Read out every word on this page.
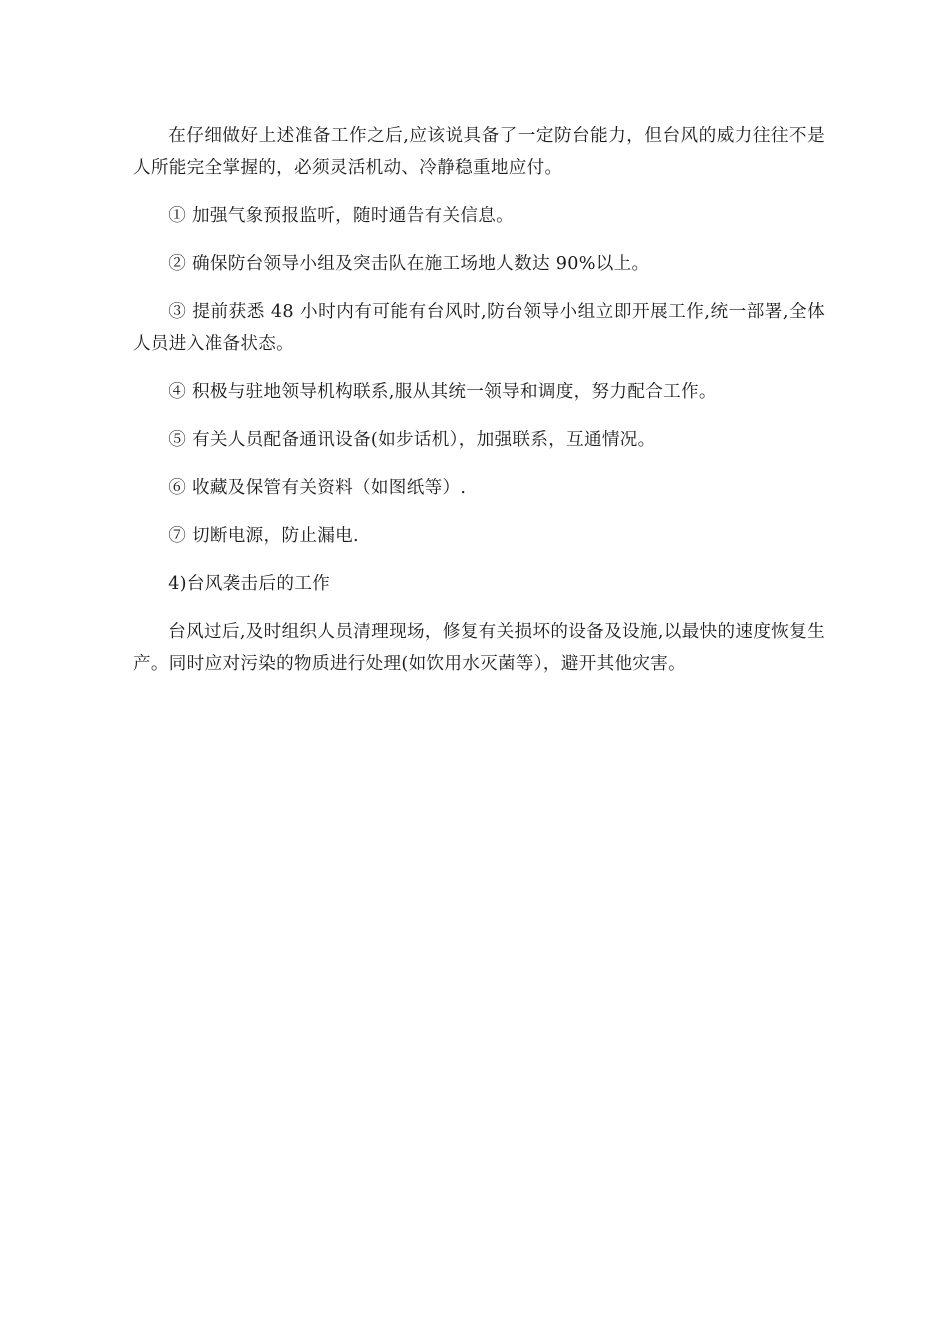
在仔细做好上述准备工作之后,应该说具备了一定防台能力，但台风的威力往往不是人所能完全掌握的，必须灵活机动、冷静稳重地应付。

① 加强气象预报监听，随时通告有关信息。

② 确保防台领导小组及突击队在施工场地人数达 90%以上。

③ 提前获悉 48 小时内有可能有台风时,防台领导小组立即开展工作,统一部署,全体人员进入准备状态。

④ 积极与驻地领导机构联系,服从其统一领导和调度，努力配合工作。

⑤ 有关人员配备通讯设备(如步话机），加强联系，互通情况。

⑥ 收藏及保管有关资料（如图纸等）.

⑦ 切断电源，防止漏电.

4)台风袭击后的工作

台风过后,及时组织人员清理现场，修复有关损坏的设备及设施,以最快的速度恢复生产。同时应对污染的物质进行处理(如饮用水灭菌等），避开其他灾害。
